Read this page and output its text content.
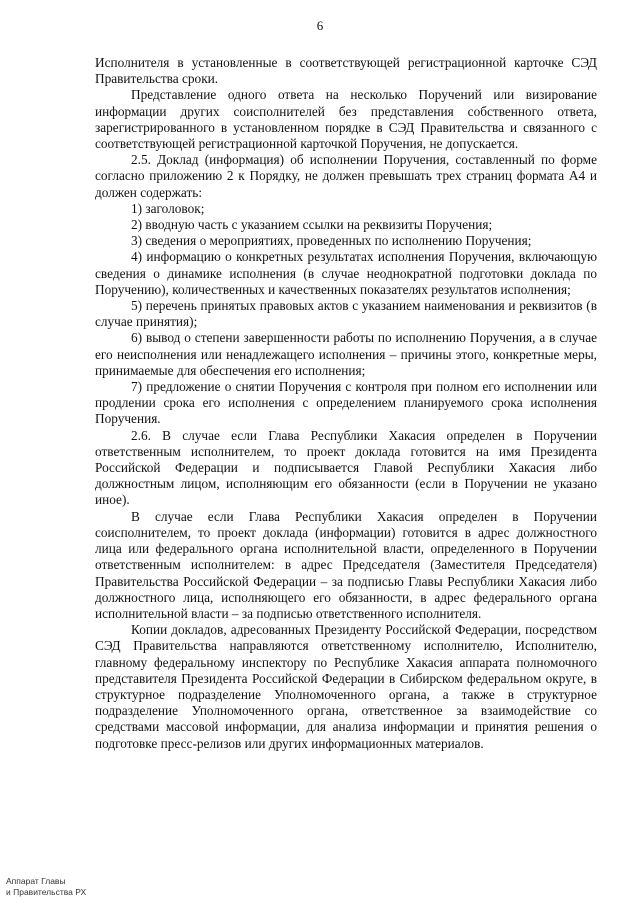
6

Исполнителя в установленные в соответствующей регистрационной карточке СЭД Правительства сроки.

Представление одного ответа на несколько Поручений или визирование информации других соисполнителей без представления собственного ответа, зарегистрированного в установленном порядке в СЭД Правительства и связанного с соответствующей регистрационной карточкой Поручения, не допускается.

2.5. Доклад (информация) об исполнении Поручения, составленный по форме согласно приложению 2 к Порядку, не должен превышать трех страниц формата А4 и должен содержать:

1) заголовок;

2) вводную часть с указанием ссылки на реквизиты Поручения;

3) сведения о мероприятиях, проведенных по исполнению Поручения;

4) информацию о конкретных результатах исполнения Поручения, включающую сведения о динамике исполнения (в случае неоднократной подготовки доклада по Поручению), количественных и качественных показателях результатов исполнения;

5) перечень принятых правовых актов с указанием наименования и реквизитов (в случае принятия);

6) вывод о степени завершенности работы по исполнению Поручения, а в случае его неисполнения или ненадлежащего исполнения – причины этого, конкретные меры, принимаемые для обеспечения его исполнения;

7) предложение о снятии Поручения с контроля при полном его исполнении или продлении срока его исполнения с определением планируемого срока исполнения Поручения.

2.6. В случае если Глава Республики Хакасия определен в Поручении ответственным исполнителем, то проект доклада готовится на имя Президента Российской Федерации и подписывается Главой Республики Хакасия либо должностным лицом, исполняющим его обязанности (если в Поручении не указано иное).

В случае если Глава Республики Хакасия определен в Поручении соисполнителем, то проект доклада (информации) готовится в адрес должностного лица или федерального органа исполнительной власти, определенного в Поручении ответственным исполнителем: в адрес Председателя (Заместителя Председателя) Правительства Российской Федерации – за подписью Главы Республики Хакасия либо должностного лица, исполняющего его обязанности, в адрес федерального органа исполнительной власти – за подписью ответственного исполнителя.

Копии докладов, адресованных Президенту Российской Федерации, посредством СЭД Правительства направляются ответственному исполнителю, Исполнителю, главному федеральному инспектору по Республике Хакасия аппарата полномочного представителя Президента Российской Федерации в Сибирском федеральном округе, в структурное подразделение Уполномоченного органа, а также в структурное подразделение Уполномоченного органа, ответственное за взаимодействие со средствами массовой информации, для анализа информации и принятия решения о подготовке пресс-релизов или других информационных материалов.

Аппарат Главы
и Правительства РХ
